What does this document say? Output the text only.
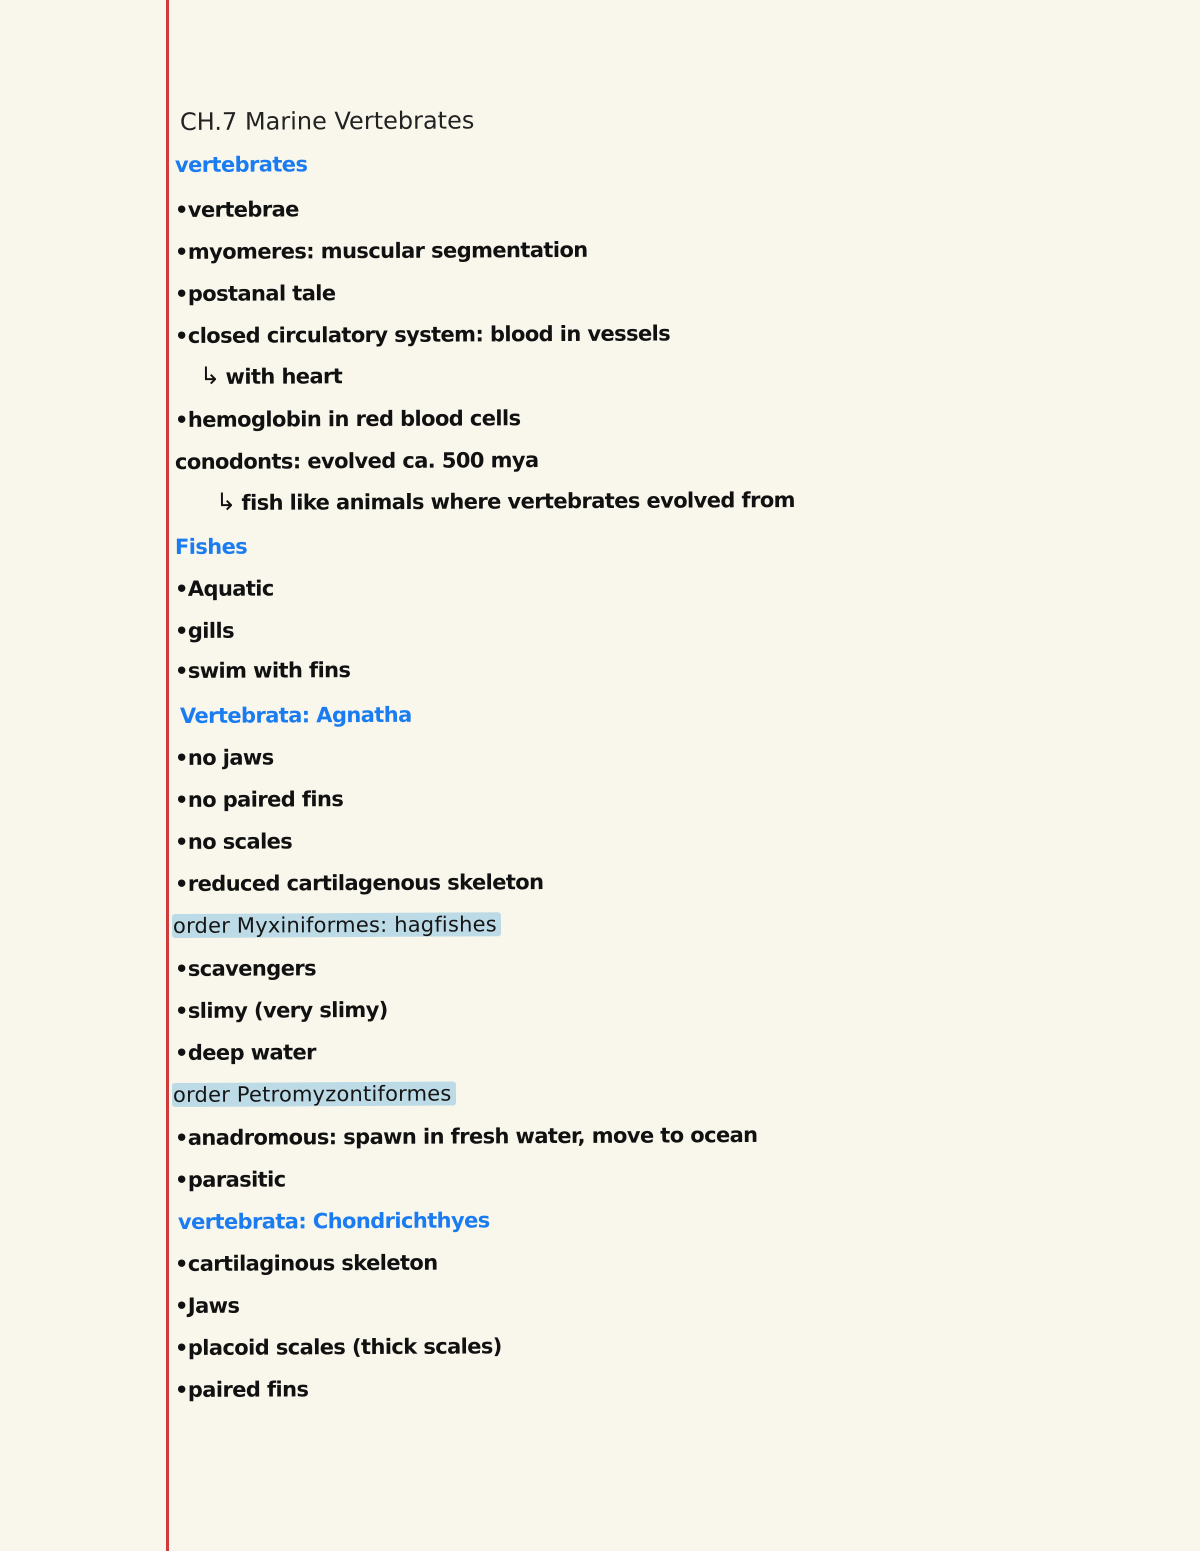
CH.7 Marine Vertebrates
vertebrates
•vertebrae
•myomeres: muscular segmentation
•postanal tale
•closed circulatory system: blood in vessels
↳ with heart
•hemoglobin in red blood cells
conodonts: evolved ca. 500 mya
↳ fish like animals where vertebrates evolved from
Fishes
•Aquatic
•gills
•swim with fins
Vertebrata: Agnatha
•no jaws
•no paired fins
•no scales
•reduced cartilagenous skeleton
order Myxiniformes: hagfishes
•scavengers
•slimy (very slimy)
•deep water
order Petromyzontiformes
•anadromous: spawn in fresh water, move to ocean
•parasitic
vertebrata: Chondrichthyes
•cartilaginous skeleton
•Jaws
•placoid scales (thick scales)
•paired fins
